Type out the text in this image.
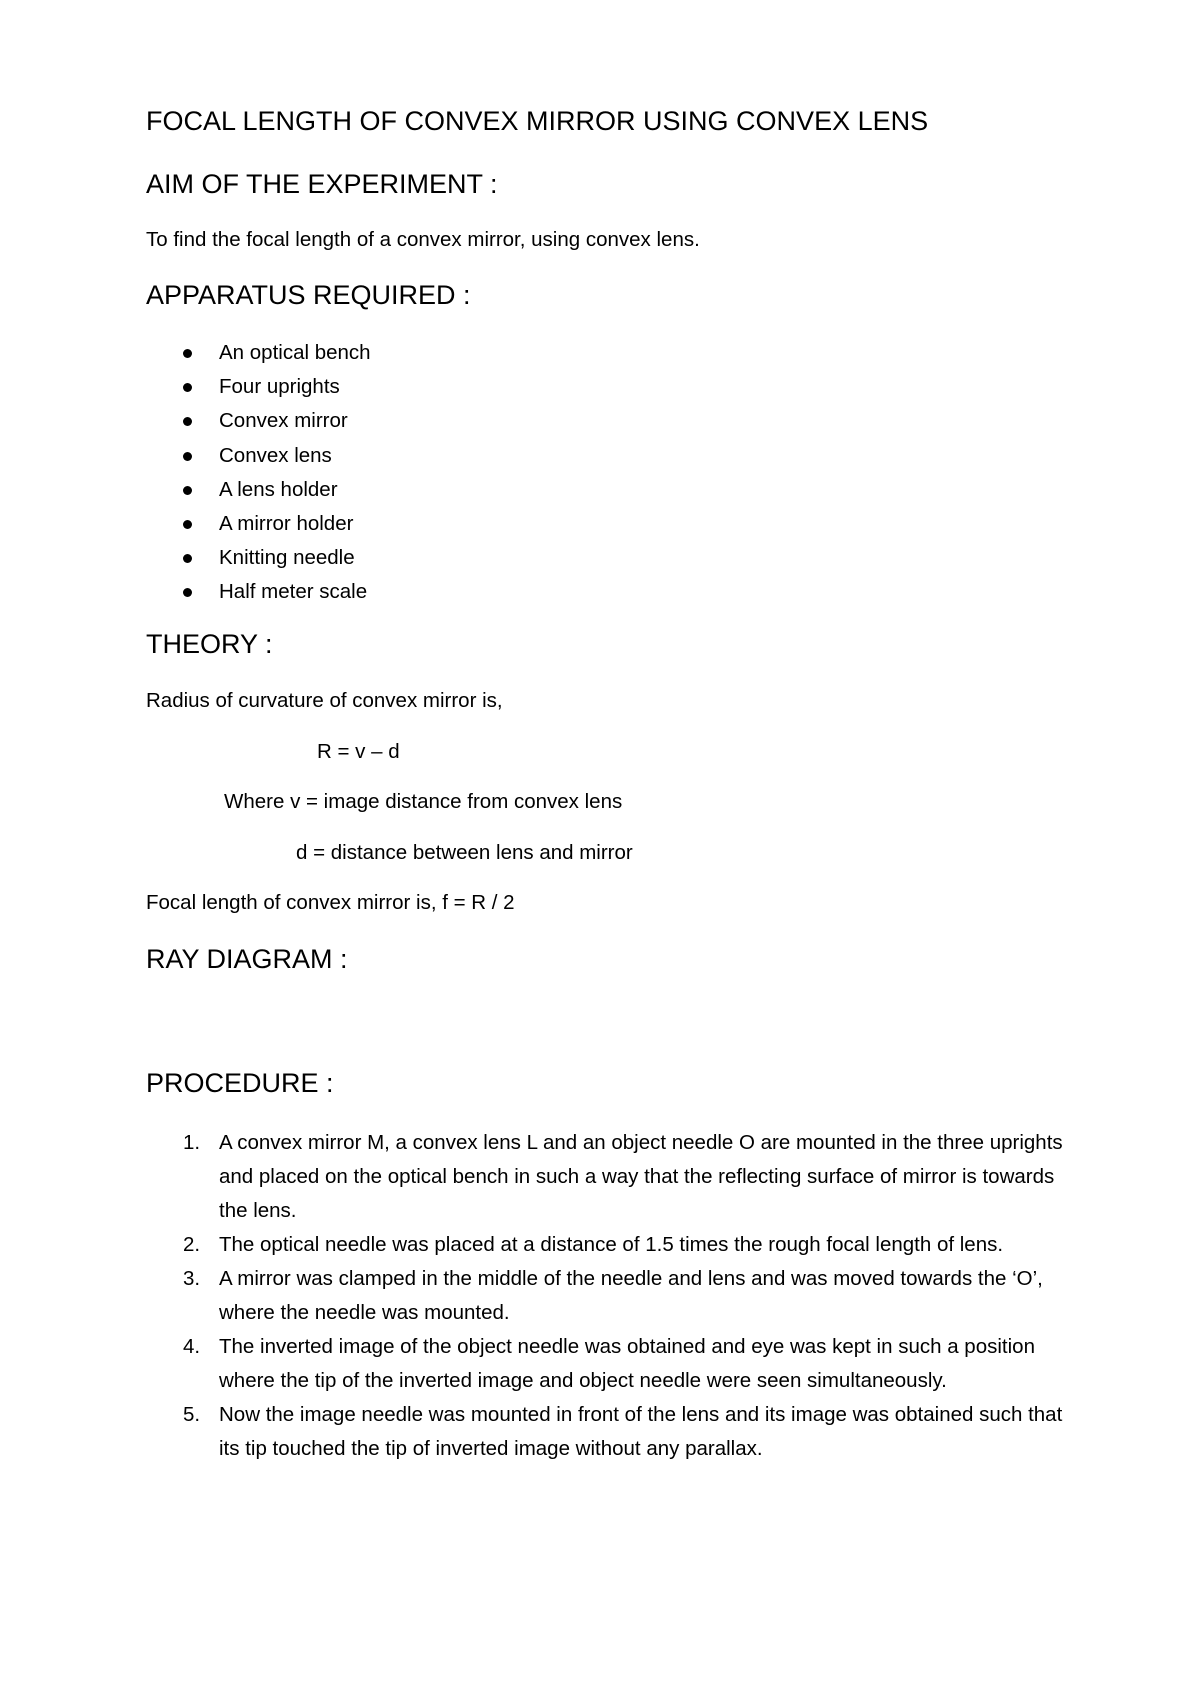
FOCAL LENGTH OF CONVEX MIRROR USING CONVEX LENS
AIM OF THE EXPERIMENT :

To find the focal length of a convex mirror, using convex lens.

APPARATUS REQUIRED :
An optical bench
Four uprights
Convex mirror
Convex lens
A lens holder
A mirror holder
Knitting needle
Half meter scale
THEORY :

Radius of curvature of convex mirror is,

R = v – d

Where v = image distance from convex lens

d = distance between lens and mirror

Focal length of convex mirror is, f = R / 2

RAY DIAGRAM :
PROCEDURE :
1. A convex mirror M, a convex lens L and an object needle O are mounted in the three uprights and placed on the optical bench in such a way that the reflecting surface of mirror is towards the lens.
2. The optical needle was placed at a distance of 1.5 times the rough focal length of lens.
3. A mirror was clamped in the middle of the needle and lens and was moved towards the ‘O’, where the needle was mounted.
4. The inverted image of the object needle was obtained and eye was kept in such a position where the tip of the inverted image and object needle were seen simultaneously.
5. Now the image needle was mounted in front of the lens and its image was obtained such that its tip touched the tip of inverted image without any parallax.
